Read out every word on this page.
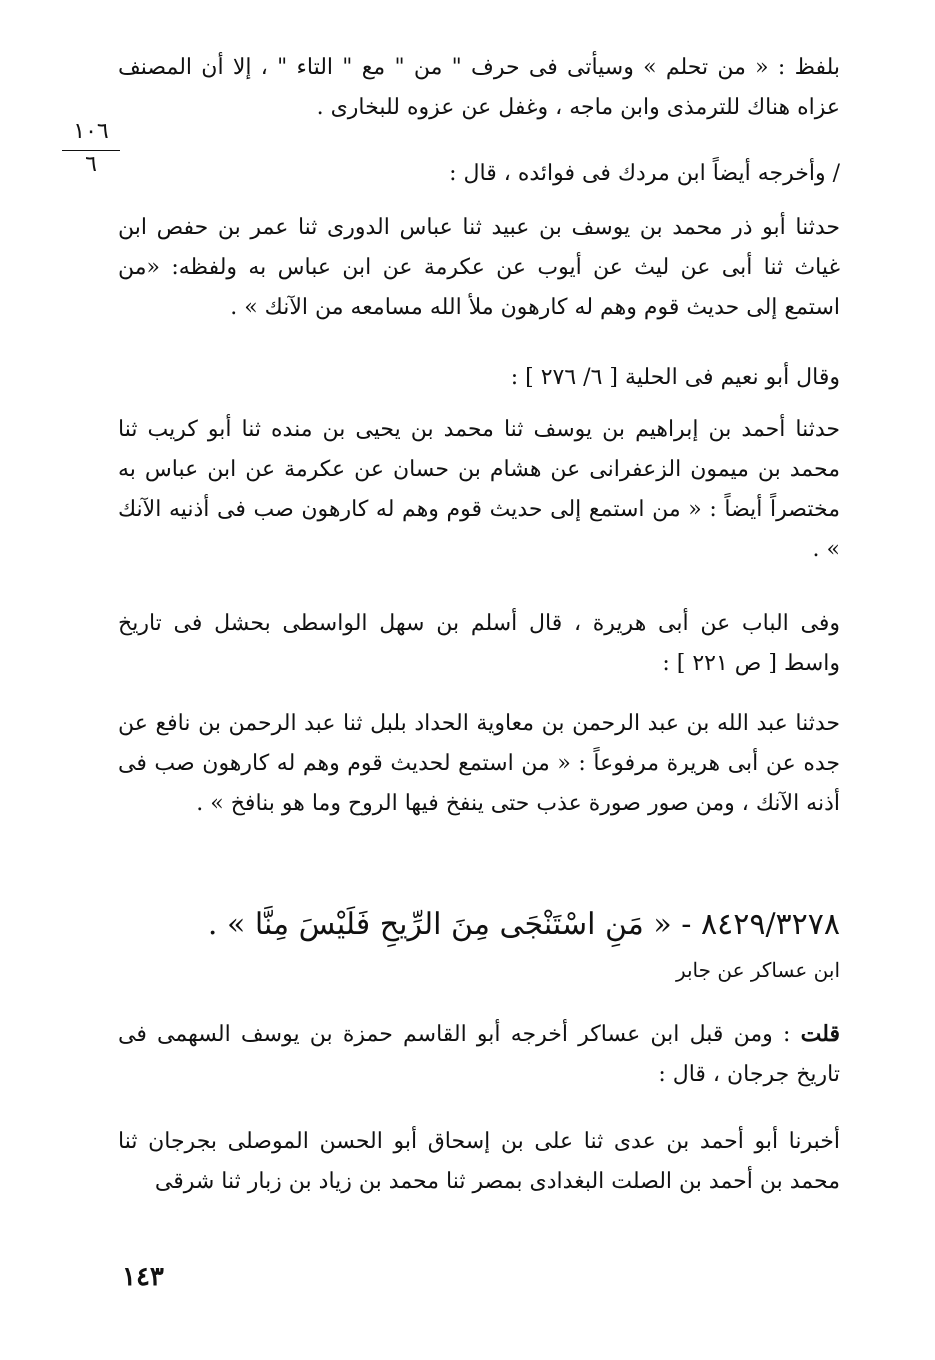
١٠٦
٦

بلفظ : « من تحلم » وسيأتى فى حرف " من " مع " التاء " ، إلا أن المصنف عزاه هناك للترمذى وابن ماجه ، وغفل عن عزوه للبخارى .

/ وأخرجه أيضاً ابن مردك فى فوائده ، قال :

حدثنا أبو ذر محمد بن يوسف بن عبيد ثنا عباس الدورى ثنا عمر بن حفص ابن غياث ثنا أبى عن ليث عن أيوب عن عكرمة عن ابن عباس به ولفظه: «من استمع إلى حديث قوم وهم له كارهون ملأ الله مسامعه من الآنك » .

وقال أبو نعيم فى الحلية [ ٦/ ٢٧٦ ] :

حدثنا أحمد بن إبراهيم بن يوسف ثنا محمد بن يحيى بن منده ثنا أبو كريب ثنا محمد بن ميمون الزعفرانى عن هشام بن حسان عن عكرمة عن ابن عباس به مختصراً أيضاً : « من استمع إلى حديث قوم وهم له كارهون صب فى أذنيه الآنك » .

وفى الباب عن أبى هريرة ، قال أسلم بن سهل الواسطى بحشل فى تاريخ واسط [ ص ٢٢١ ] :

حدثنا عبد الله بن عبد الرحمن بن معاوية الحداد بلبل ثنا عبد الرحمن بن نافع عن جده عن أبى هريرة مرفوعاً : « من استمع لحديث قوم وهم له كارهون صب فى أذنه الآنك ، ومن صور صورة عذب حتى ينفخ فيها الروح وما هو بنافخ » .

٨٤٢٩/٣٢٧٨ - « مَنِ اسْتَنْجَى مِنَ الرِّيحِ فَلَيْسَ مِنَّا » .
ابن عساكر عن جابر

قلت : ومن قبل ابن عساكر أخرجه أبو القاسم حمزة بن يوسف السهمى فى تاريخ جرجان ، قال :

أخبرنا أبو أحمد بن عدى ثنا على بن إسحاق أبو الحسن الموصلى بجرجان ثنا محمد بن أحمد بن الصلت البغدادى بمصر ثنا محمد بن زياد بن زبار ثنا شرقى

١٤٣
